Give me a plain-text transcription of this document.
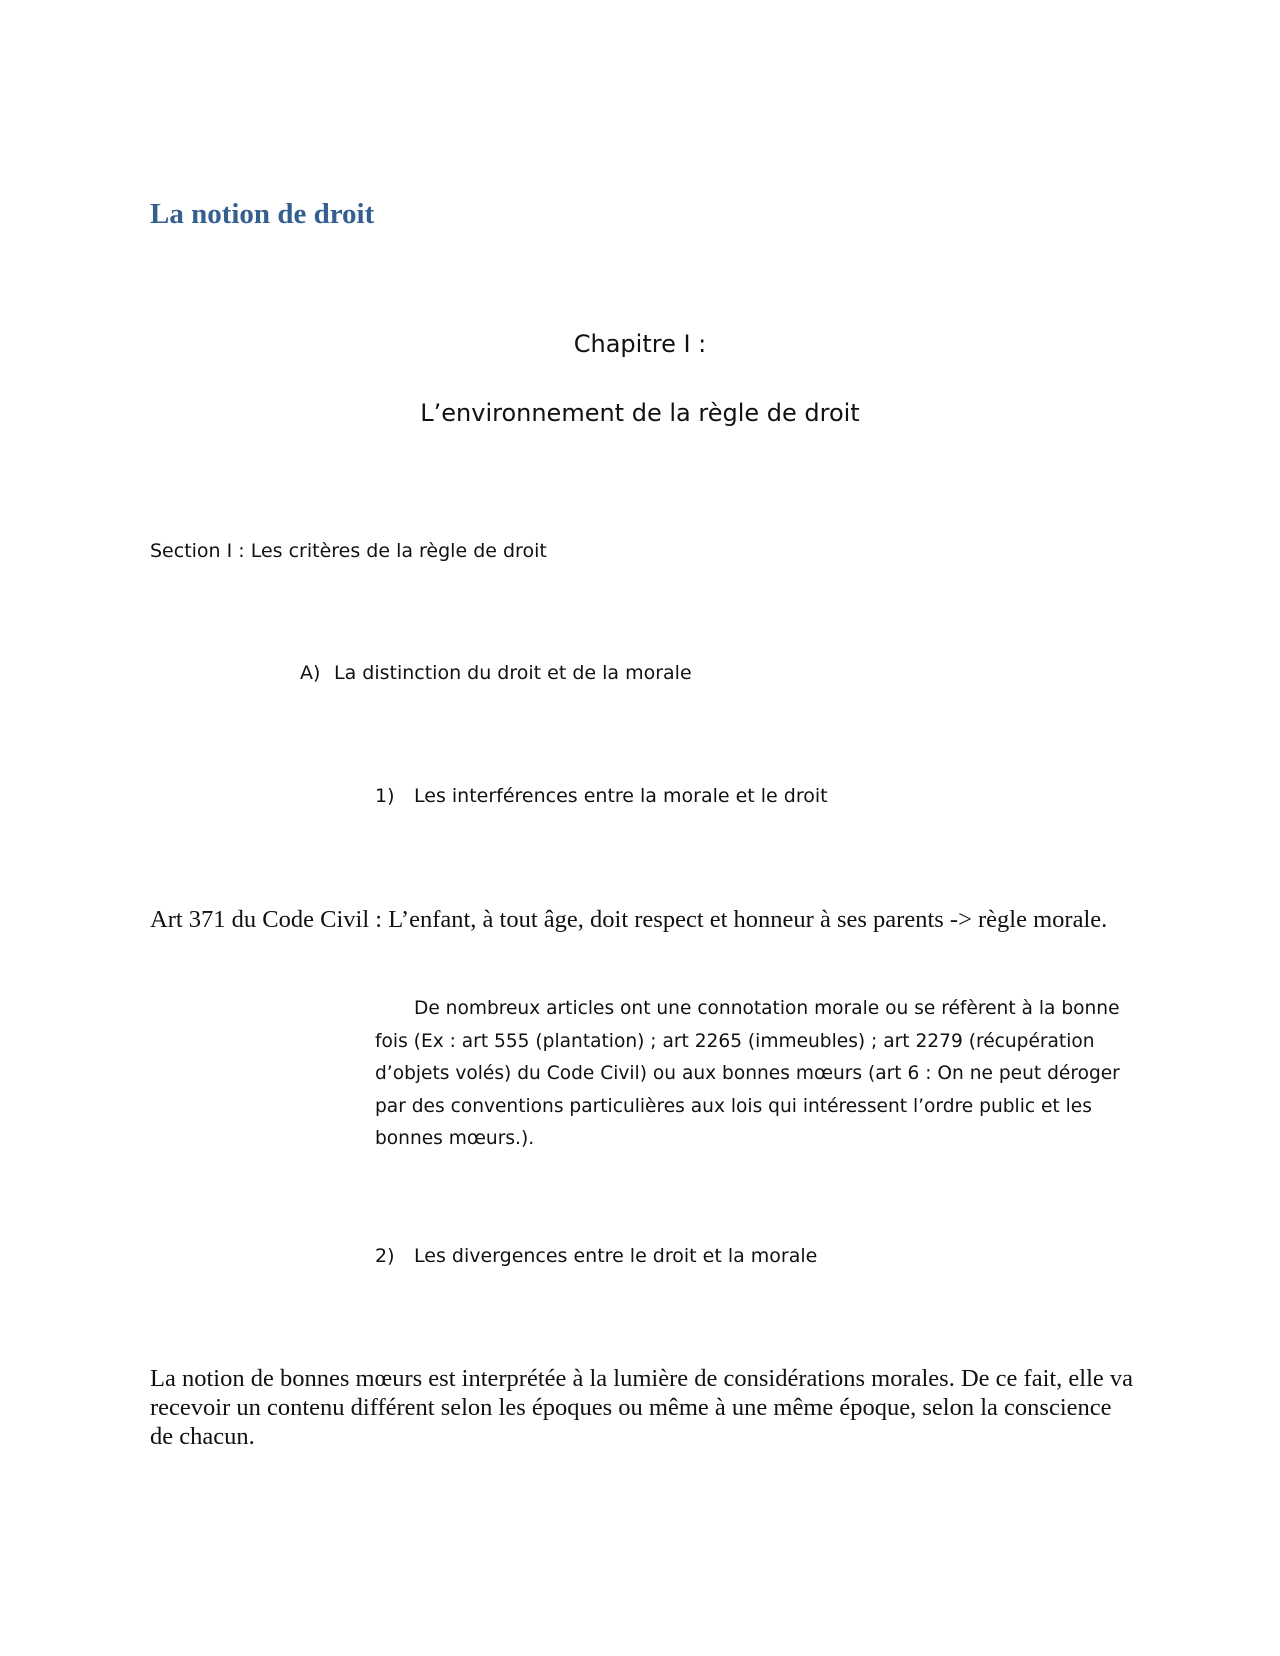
La notion de droit
Chapitre I :
L’environnement de la règle de droit
Section I : Les critères de la règle de droit

A) La distinction du droit et de la morale

1) Les interférences entre la morale et le droit

Art 371 du Code Civil : L’enfant, à tout âge, doit respect et honneur à ses parents -> règle morale.

De nombreux articles ont une connotation morale ou se réfèrent à la bonne fois (Ex : art 555 (plantation) ; art 2265 (immeubles) ; art 2279 (récupération d’objets volés) du Code Civil) ou aux bonnes mœurs (art 6 : On ne peut déroger par des conventions particulières aux lois qui intéressent l’ordre public et les bonnes mœurs.).

2) Les divergences entre le droit et la morale

La notion de bonnes mœurs est interprétée à la lumière de considérations morales. De ce fait, elle va recevoir un contenu différent selon les époques ou même à une même époque, selon la conscience de chacun.
